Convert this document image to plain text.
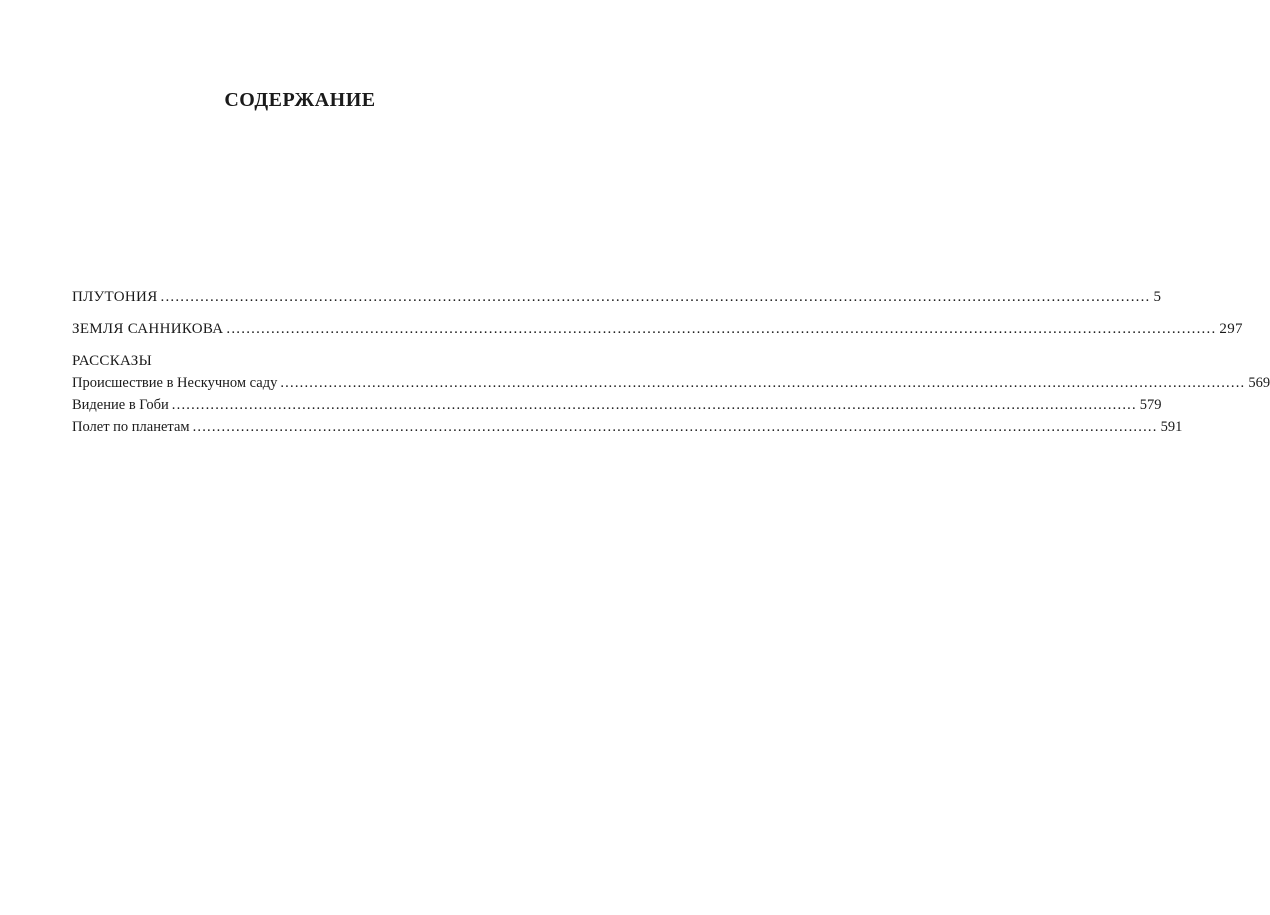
СОДЕРЖАНИЕ
ПЛУТОНИЯ ........................................................................................................................................................................................................ 5
ЗЕМЛЯ САННИКОВА ........................................................................................................................................................................................................ 297
РАССКАЗЫ
Происшествие в Нескучном саду ........................................................................................................................................................................................................ 569
Видение в Гоби ........................................................................................................................................................................................................ 579
Полет по планетам ........................................................................................................................................................................................................ 591
